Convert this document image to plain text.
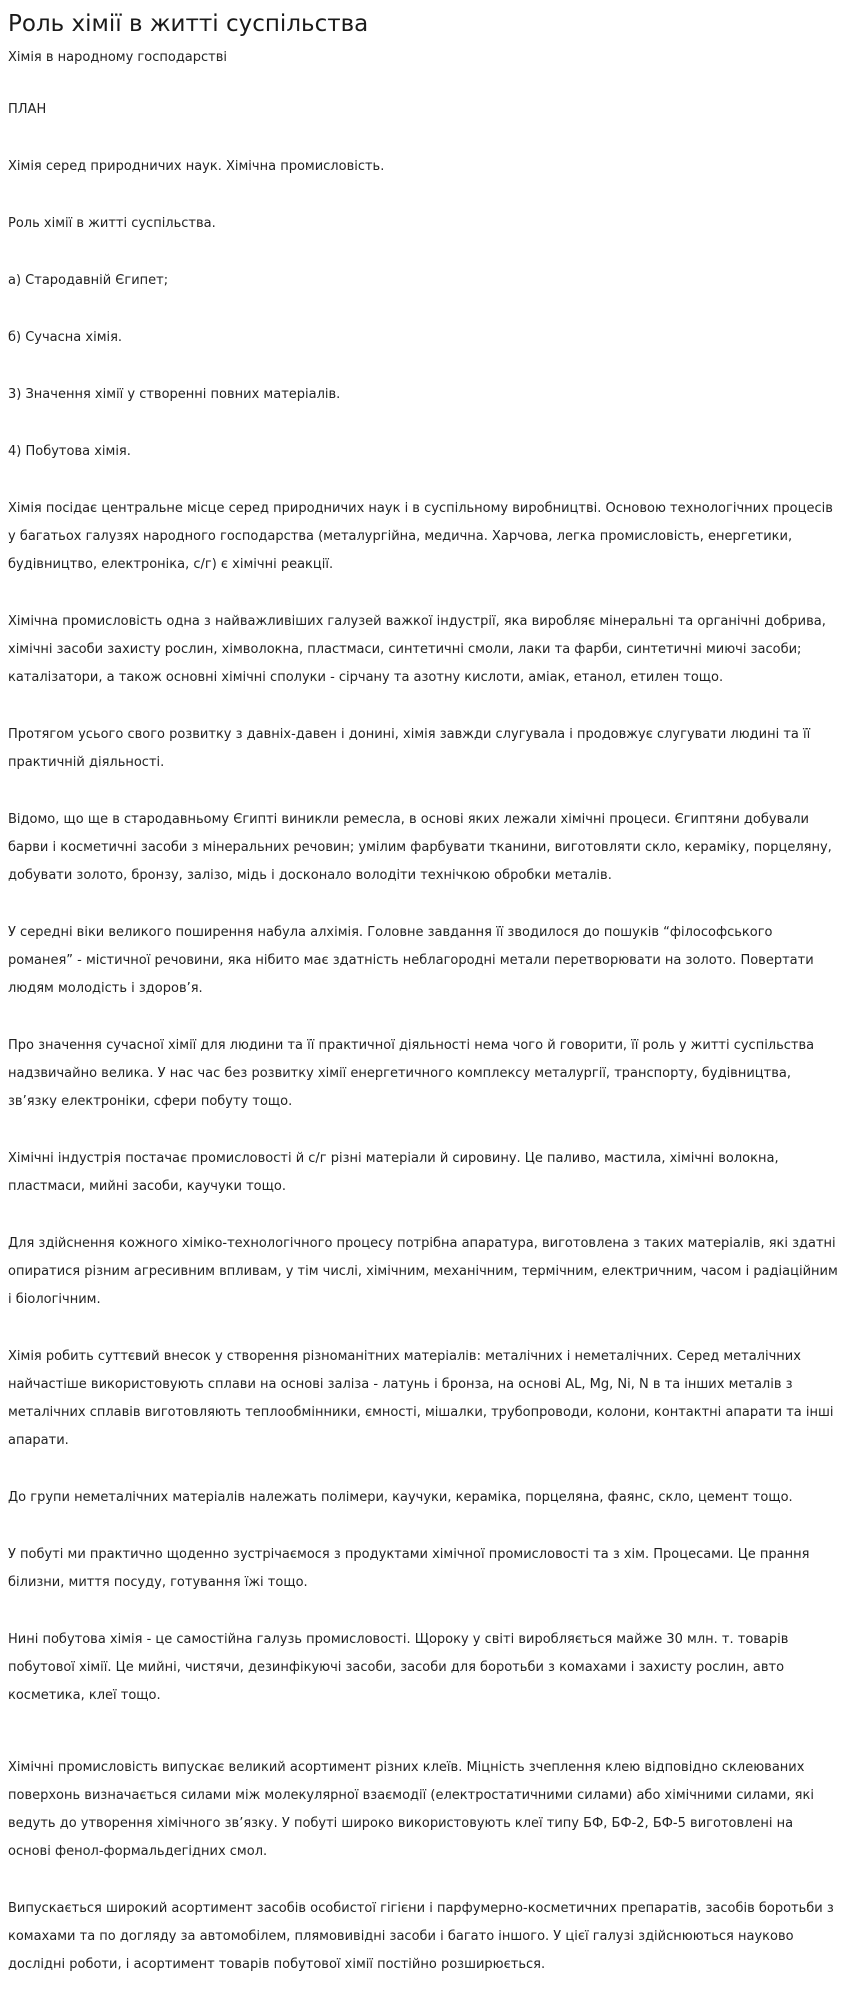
Роль хімії в житті суспільства
Хімія в народному господарстві

ПЛАН

Хімія серед природничих наук. Хімічна промисловість.

Роль хімії в житті суспільства.

а) Стародавній Єгипет;

б) Сучасна хімія.

3) Значення хімії у створенні повних матеріалів.

4) Побутова хімія.

Хімія посідає центральне місце серед природничих наук і в суспільному виробництві. Основою технологічних процесів у багатьох галузях народного господарства (металургійна, медична. Харчова, легка промисловість, енергетики, будівництво, електроніка, с/г) є хімічні реакції.

Хімічна промисловість одна з найважливіших галузей важкої індустрії, яка виробляє мінеральні та органічні добрива, хімічні засоби захисту рослин, хімволокна, пластмаси, синтетичні смоли, лаки та фарби, синтетичні миючі засоби; каталізатори, а також основні хімічні сполуки - сірчану та азотну кислоти, аміак, етанол, етилен тощо.

Протягом усього свого розвитку з давніх-давен і донині, хімія завжди слугувала і продовжує слугувати людині та її практичній діяльності.

Відомо, що ще в стародавньому Єгипті виникли ремесла, в основі яких лежали хімічні процеси. Єгиптяни добували барви і косметичні засоби з мінеральних речовин; умілим фарбувати тканини, виготовляти скло, кераміку, порцеляну, добувати золото, бронзу, залізо, мідь і досконало володіти технічкою обробки металів.

У середні віки великого поширення набула алхімія. Головне завдання її зводилося до пошуків “філософського романея” - містичної речовини, яка нібито має здатність неблагородні метали перетворювати на золото. Повертати людям молодість і здоров’я.

Про значення сучасної хімії для людини та її практичної діяльності нема чого й говорити, її роль у житті суспільства надзвичайно велика. У нас час без розвитку хімії енергетичного комплексу металургії, транспорту, будівництва, зв’язку електроніки, сфери побуту тощо.

Хімічні індустрія постачає промисловості й с/г різні матеріали й сировину. Це паливо, мастила, хімічні волокна, пластмаси, мийні засоби, каучуки тощо.

Для здійснення кожного хіміко-технологічного процесу потрібна апаратура, виготовлена з таких матеріалів, які здатні опиратися різним агресивним впливам, у тім числі, хімічним, механічним, термічним, електричним, часом і радіаційним і біологічним.

Хімія робить суттєвий внесок у створення різноманітних матеріалів: металічних і неметалічних. Серед металічних найчастіше використовують сплави на основі заліза - латунь і бронза, на основі AL, Mg, Ni, N в та інших металів з металічних сплавів виготовляють теплообмінники, ємності, мішалки, трубопроводи, колони, контактні апарати та інші апарати.

До групи неметалічних матеріалів належать полімери, каучуки, кераміка, порцеляна, фаянс, скло, цемент тощо.

У побуті ми практично щоденно зустрічаємося з продуктами хімічної промисловості та з хім. Процесами. Це прання білизни, миття посуду, готування їжі тощо.

Нині побутова хімія - це самостійна галузь промисловості. Щороку у світі виробляється майже 30 млн. т. товарів побутової хімії. Це мийні, чистячи, дезинфікуючі засоби, засоби для боротьби з комахами і захисту рослин, авто косметика, клеї тощо.

Хімічні промисловість випускає великий асортимент різних клеїв. Міцність зчеплення клею відповідно склеюваних поверхонь визначається силами між молекулярної взаємодії (електростатичними силами) або хімічними силами, які ведуть до утворення хімічного зв’язку. У побуті широко використовують клеї типу БФ, БФ-2, БФ-5 виготовлені на основі фенол-формальдегідних смол.

Випускається широкий асортимент засобів особистої гігієни і парфумерно-косметичних препаратів, засобів боротьби з комахами та по догляду за автомобілем, плямовивідні засоби і багато іншого. У цієї галузі здійснюються науково дослідні роботи, і асортимент товарів побутової хімії постійно розширюється.
